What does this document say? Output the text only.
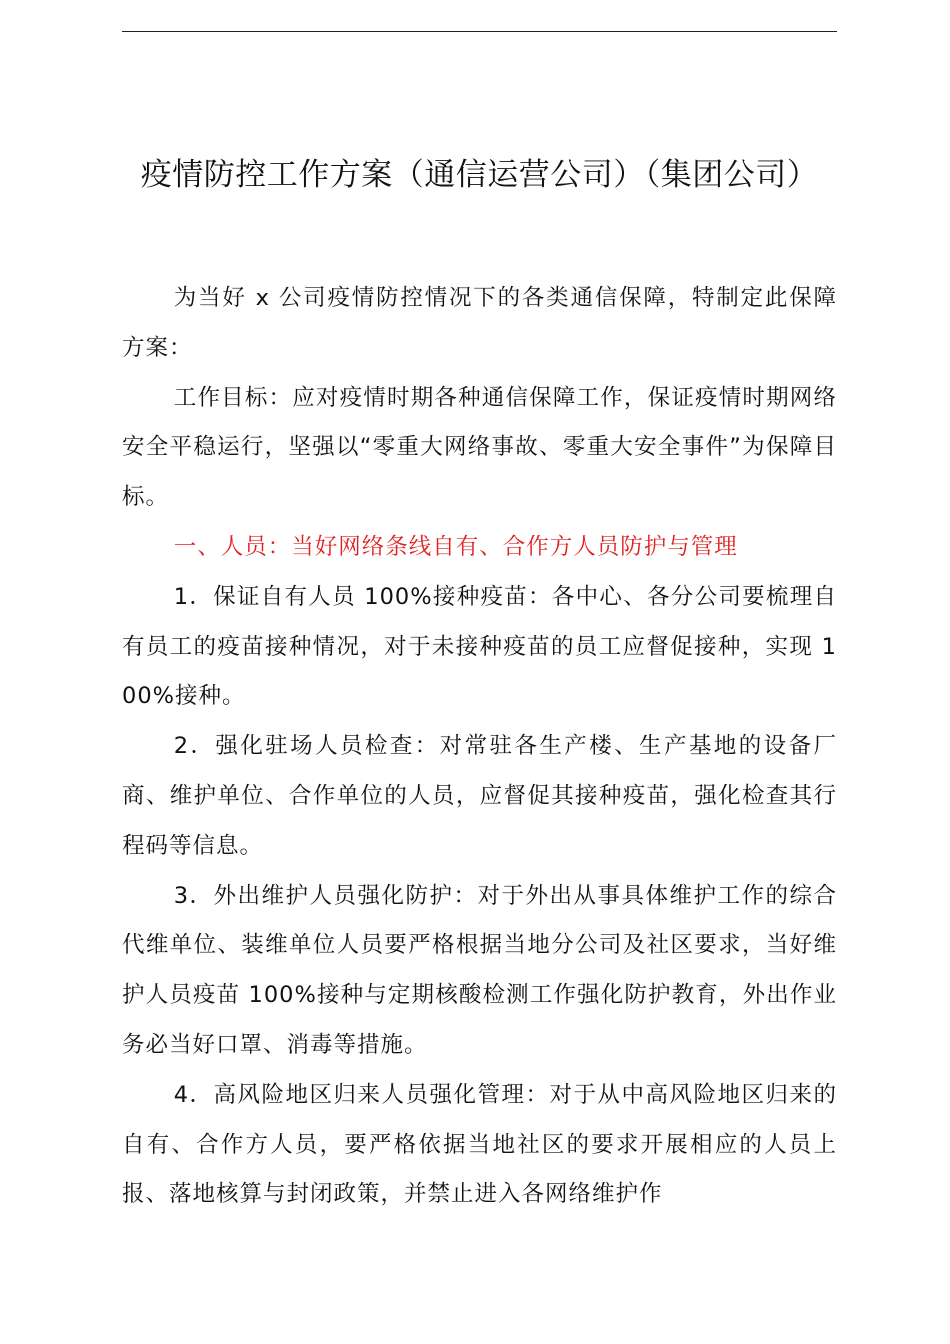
疫情防控工作方案（通信运营公司）（集团公司）

为当好 x 公司疫情防控情况下的各类通信保障，特制定此保障方案：

工作目标：应对疫情时期各种通信保障工作，保证疫情时期网络安全平稳运行，坚强以“零重大网络事故、零重大安全事件”为保障目标。

一、人员：当好网络条线自有、合作方人员防护与管理

1．保证自有人员 100%接种疫苗：各中心、各分公司要梳理自有员工的疫苗接种情况，对于未接种疫苗的员工应督促接种，实现 100%接种。

2．强化驻场人员检查：对常驻各生产楼、生产基地的设备厂商、维护单位、合作单位的人员，应督促其接种疫苗，强化检查其行程码等信息。

3．外出维护人员强化防护：对于外出从事具体维护工作的综合代维单位、装维单位人员要严格根据当地分公司及社区要求，当好维护人员疫苗 100%接种与定期核酸检测工作强化防护教育，外出作业务必当好口罩、消毒等措施。

4．高风险地区归来人员强化管理：对于从中高风险地区归来的自有、合作方人员，要严格依据当地社区的要求开展相应的人员上报、落地核算与封闭政策，并禁止进入各网络维护作
